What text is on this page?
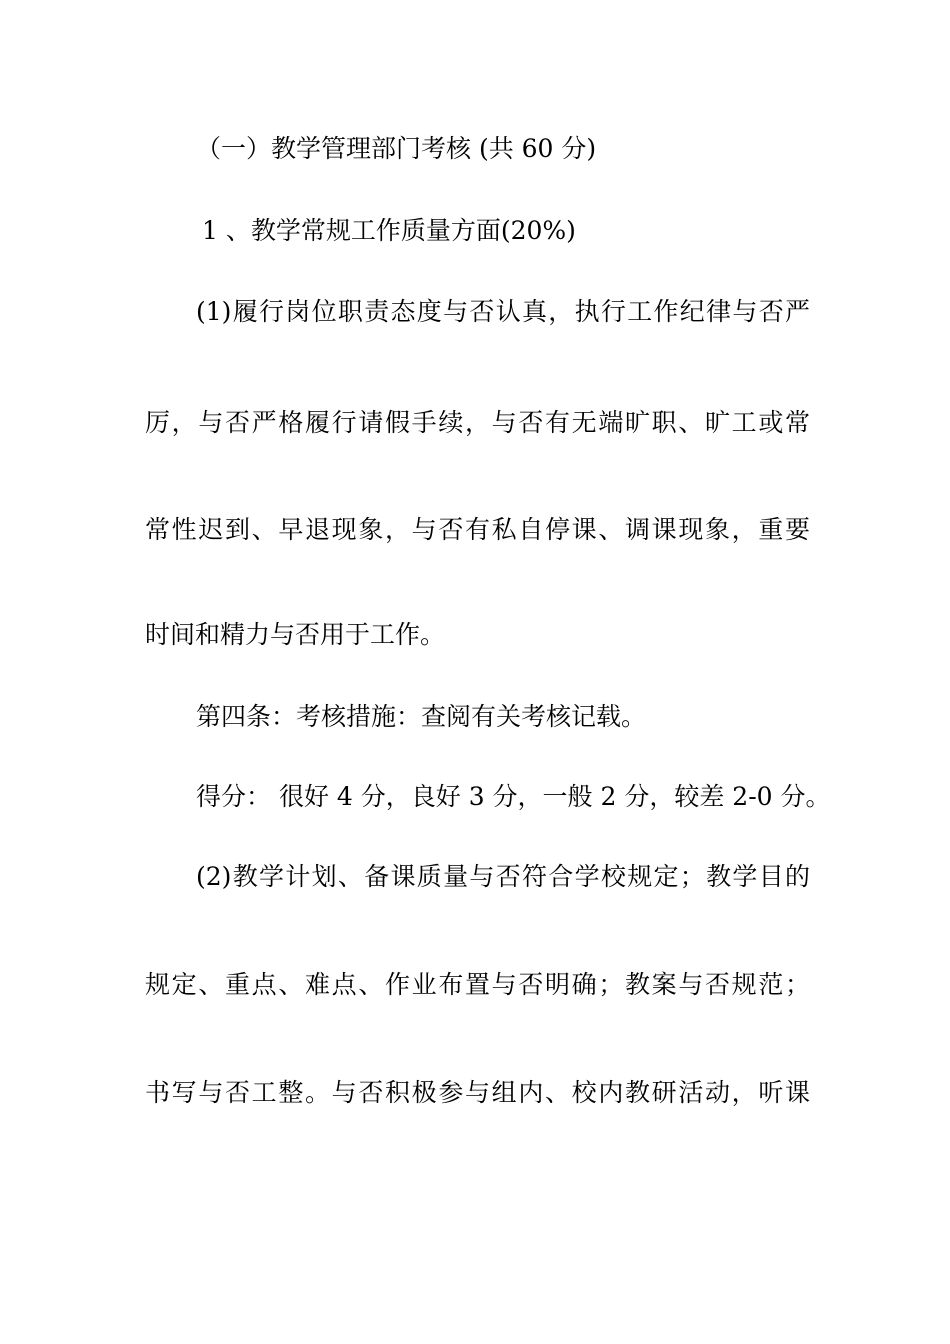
（一）教学管理部门考核 (共 60 分)
1 、教学常规工作质量方面(20%)
(1)履行岗位职责态度与否认真，执行工作纪律与否严
厉，与否严格履行请假手续，与否有无端旷职、旷工或常
常性迟到、早退现象，与否有私自停课、调课现象，重要
时间和精力与否用于工作。
第四条：考核措施：查阅有关考核记载。
得分： 很好 4 分，良好 3 分，一般 2 分，较差 2-0 分。
(2)教学计划、备课质量与否符合学校规定；教学目的
规定、重点、难点、作业布置与否明确；教案与否规范；
书写与否工整。与否积极参与组内、校内教研活动，听课
